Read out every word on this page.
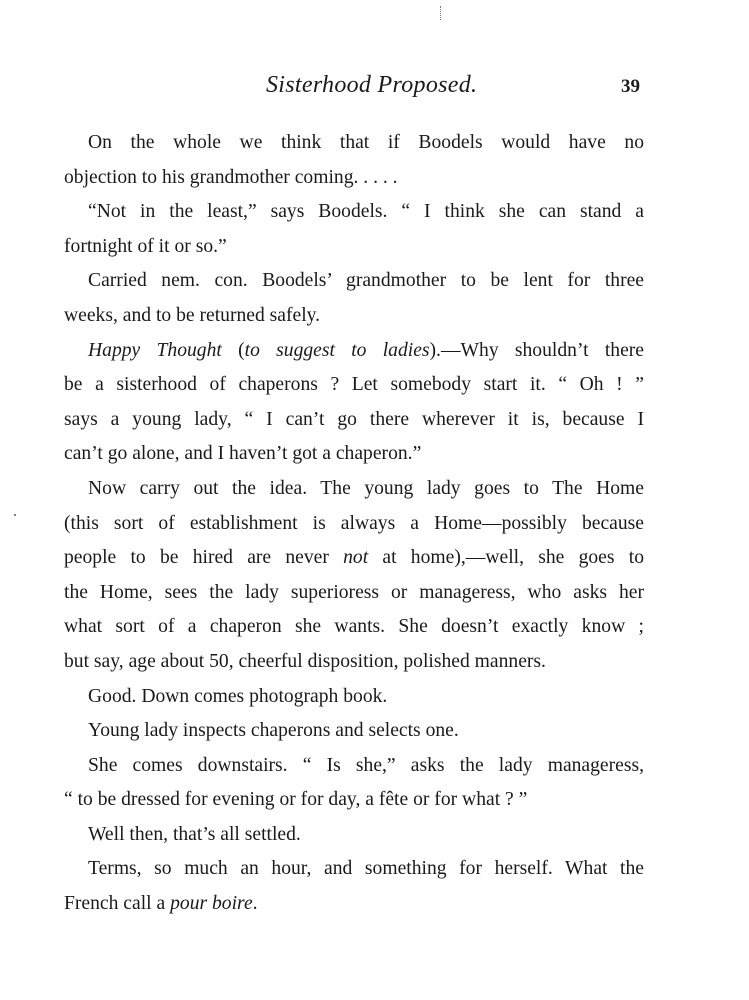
Sisterhood Proposed.	39
On the whole we think that if Boodels would have no
objection to his grandmother coming. . . . .
“Not in the least,” says Boodels. “ I think she can stand a
fortnight of it or so.”
Carried nem. con. Boodels’ grandmother to be lent for three
weeks, and to be returned safely.
Happy Thought (to suggest to ladies).—Why shouldn’t there
be a sisterhood of chaperons ? Let somebody start it. “ Oh ! ”
says a young lady, “ I can’t go there wherever it is, because I
can’t go alone, and I haven’t got a chaperon.”
Now carry out the idea. The young lady goes to The Home
(this sort of establishment is always a Home—possibly because
people to be hired are never not at home),—well, she goes to
the Home, sees the lady superioress or manageress, who asks her
what sort of a chaperon she wants. She doesn’t exactly know ;
but say, age about 50, cheerful disposition, polished manners.
Good. Down comes photograph book.
Young lady inspects chaperons and selects one.
She comes downstairs. “ Is she,” asks the lady manageress,
“ to be dressed for evening or for day, a fête or for what ? ”
Well then, that’s all settled.
Terms, so much an hour, and something for herself. What the
French call a pour boire.
